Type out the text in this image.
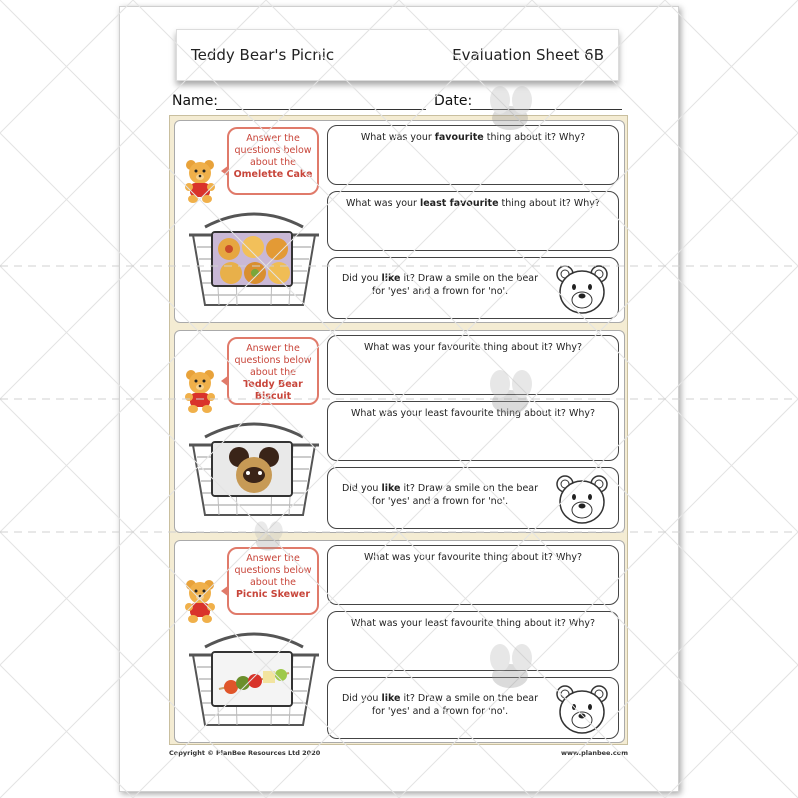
Teddy Bear's Picnic	Evaluation Sheet 6B
Name:	Date:
Answer the questions below about the
Omelette Cake
What was your favourite thing about it? Why?
What was your least favourite thing about it? Why?
Did you like it? Draw a smile on the bear for 'yes' and a frown for 'no'.
Answer the questions below about the
Teddy Bear Biscuit
What was your favourite thing about it? Why?
What was your least favourite thing about it? Why?
Did you like it? Draw a smile on the bear for 'yes' and a frown for 'no'.
Answer the questions below about the
Picnic Skewer
What was your favourite thing about it? Why?
What was your least favourite thing about it? Why?
Did you like it? Draw a smile on the bear for 'yes' and a frown for 'no'.
Copyright © PlanBee Resources Ltd 2020	www.planbee.com
